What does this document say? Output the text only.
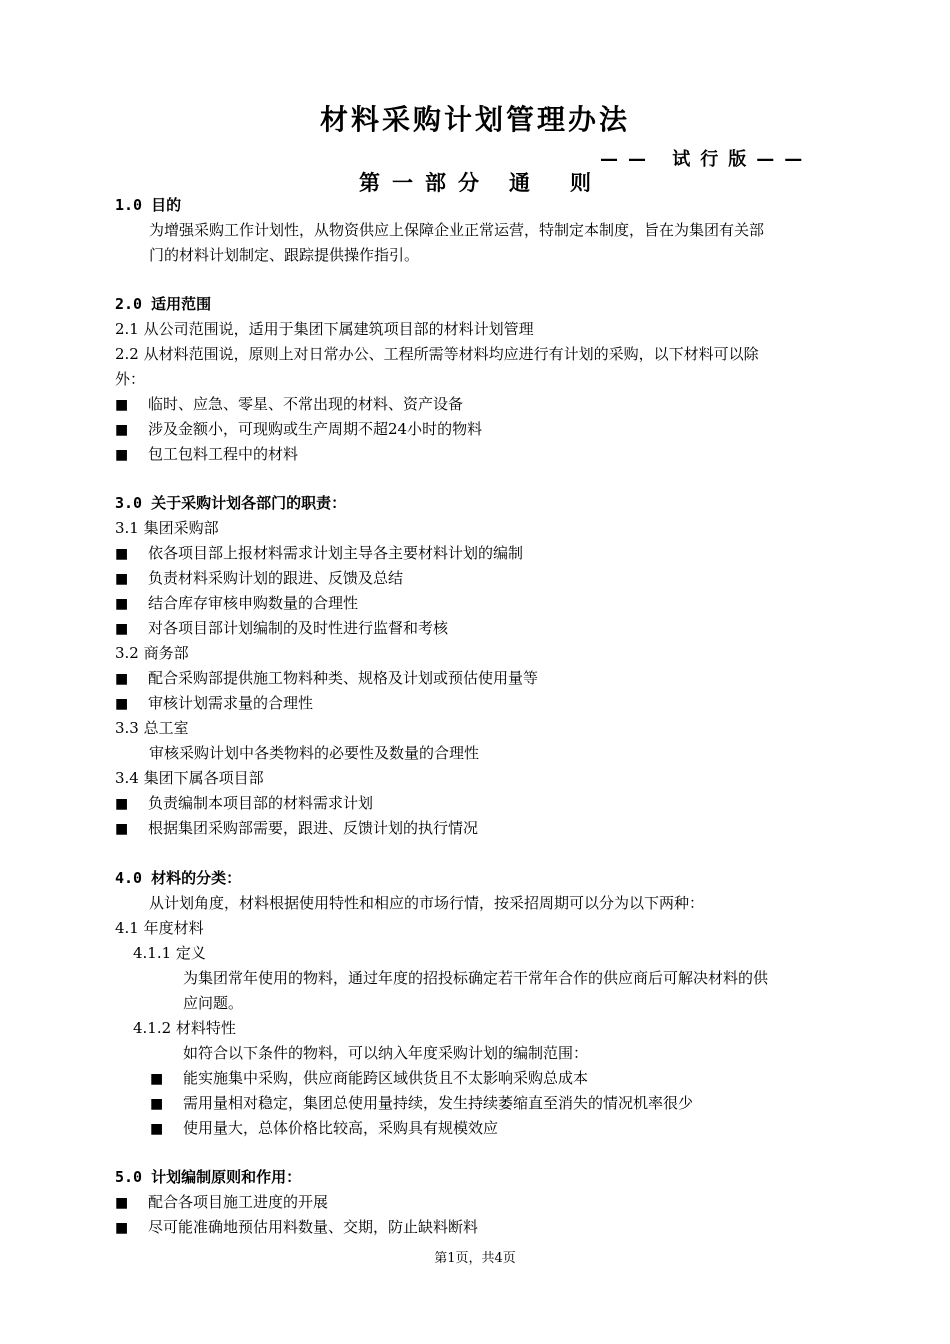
材料采购计划管理办法
—— 试行版——
第一部分 通 则
1.0 目的
为增强采购工作计划性，从物资供应上保障企业正常运营，特制定本制度，旨在为集团有关部
门的材料计划制定、跟踪提供操作指引。
2.0 适用范围
2.1 从公司范围说，适用于集团下属建筑项目部的材料计划管理
2.2 从材料范围说，原则上对日常办公、工程所需等材料均应进行有计划的采购，以下材料可以除
外：
■ 临时、应急、零星、不常出现的材料、资产设备
■ 涉及金额小，可现购或生产周期不超24小时的物料
■ 包工包料工程中的材料
3.0 关于采购计划各部门的职责：
3.1 集团采购部
■ 依各项目部上报材料需求计划主导各主要材料计划的编制
■ 负责材料采购计划的跟进、反馈及总结
■ 结合库存审核申购数量的合理性
■ 对各项目部计划编制的及时性进行监督和考核
3.2 商务部
■ 配合采购部提供施工物料种类、规格及计划或预估使用量等
■ 审核计划需求量的合理性
3.3 总工室
审核采购计划中各类物料的必要性及数量的合理性
3.4 集团下属各项目部
■ 负责编制本项目部的材料需求计划
■ 根据集团采购部需要，跟进、反馈计划的执行情况
4.0 材料的分类：
从计划角度，材料根据使用特性和相应的市场行情，按采招周期可以分为以下两种：
4.1 年度材料
4.1.1 定义
为集团常年使用的物料，通过年度的招投标确定若干常年合作的供应商后可解决材料的供
应问题。
4.1.2 材料特性
如符合以下条件的物料，可以纳入年度采购计划的编制范围：
■ 能实施集中采购，供应商能跨区域供货且不太影响采购总成本
■ 需用量相对稳定，集团总使用量持续，发生持续萎缩直至消失的情况机率很少
■ 使用量大，总体价格比较高，采购具有规模效应
5.0 计划编制原则和作用：
■ 配合各项目施工进度的开展
■ 尽可能准确地预估用料数量、交期，防止缺料断料
第1页，共4页
